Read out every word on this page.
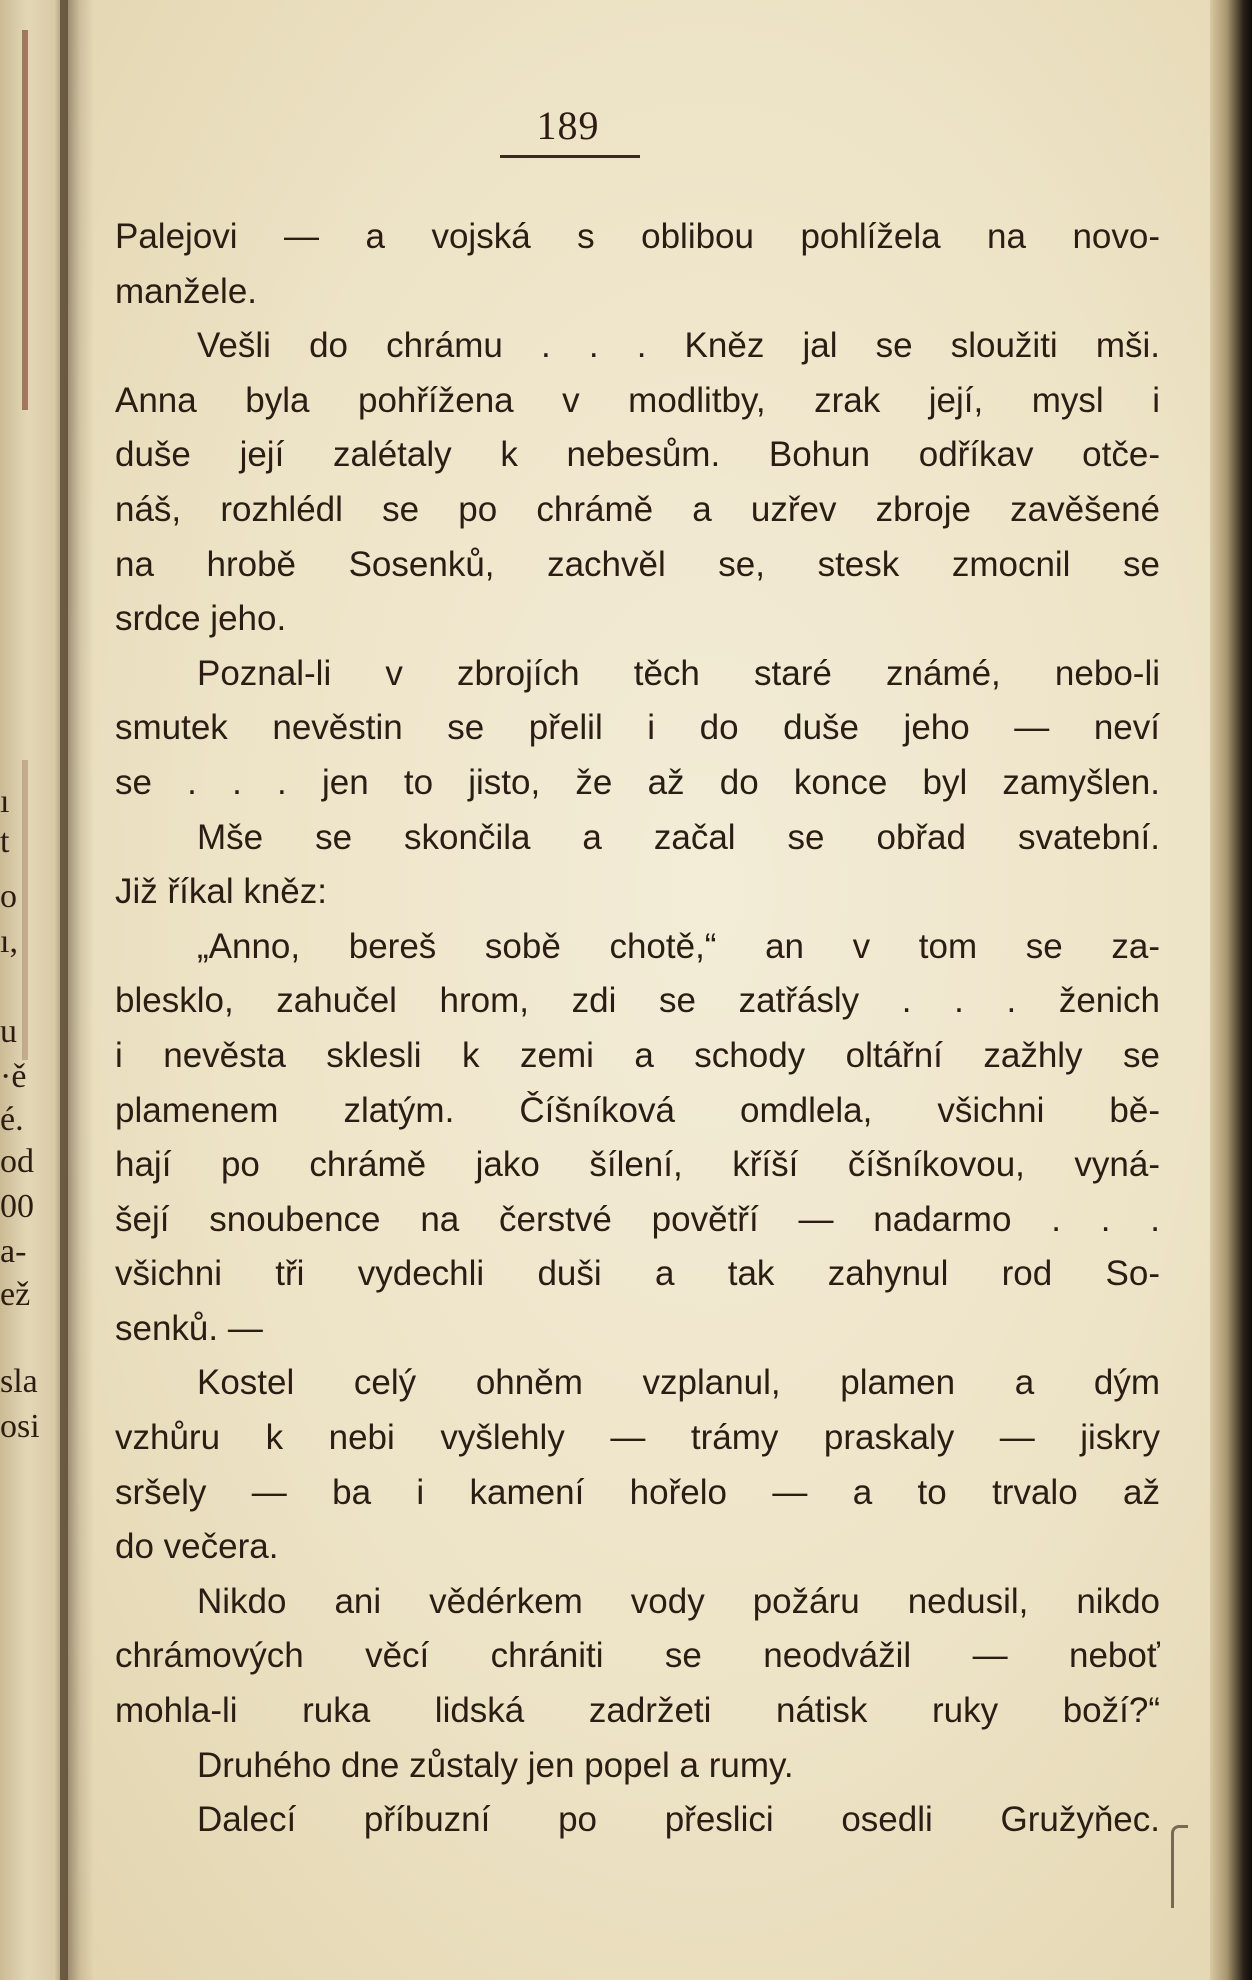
ı
t
o
ı,
u
·ě
é.
od
00
a-
ež
sla
osi
189
Palejovi — a vojská s oblibou pohlížela na novo-
manžele.
Vešli do chrámu . . . Kněz jal se sloužiti mši.
Anna byla pohřížena v modlitby, zrak její, mysl i
duše její zalétaly k nebesům. Bohun odříkav otče-
náš, rozhlédl se po chrámě a uzřev zbroje zavěšené
na hrobě Sosenků, zachvěl se, stesk zmocnil se
srdce jeho.
Poznal-li v zbrojích těch staré známé, nebo-li
smutek nevěstin se přelil i do duše jeho — neví
se . . . jen to jisto, že až do konce byl zamyšlen.
Mše se skončila a začal se obřad svatební.
Již říkal kněz:
„Anno, bereš sobě chotě,“ an v tom se za-
blesklo, zahučel hrom, zdi se zatřásly . . . ženich
i nevěsta sklesli k zemi a schody oltářní zažhly se
plamenem zlatým. Číšníková omdlela, všichni bě-
hají po chrámě jako šílení, kříší číšníkovou, vyná-
šejí snoubence na čerstvé povětří — nadarmo . . .
všichni tři vydechli duši a tak zahynul rod So-
senků. —
Kostel celý ohněm vzplanul, plamen a dým
vzhůru k nebi vyšlehly — trámy praskaly — jiskry
sršely — ba i kamení hořelo — a to trvalo až
do večera.
Nikdo ani vědérkem vody požáru nedusil, nikdo
chrámových věcí chrániti se neodvážil — neboť
mohla-li ruka lidská zadržeti nátisk ruky boží?“
Druhého dne zůstaly jen popel a rumy.
Dalecí příbuzní po přeslici osedli Gružyňec.
